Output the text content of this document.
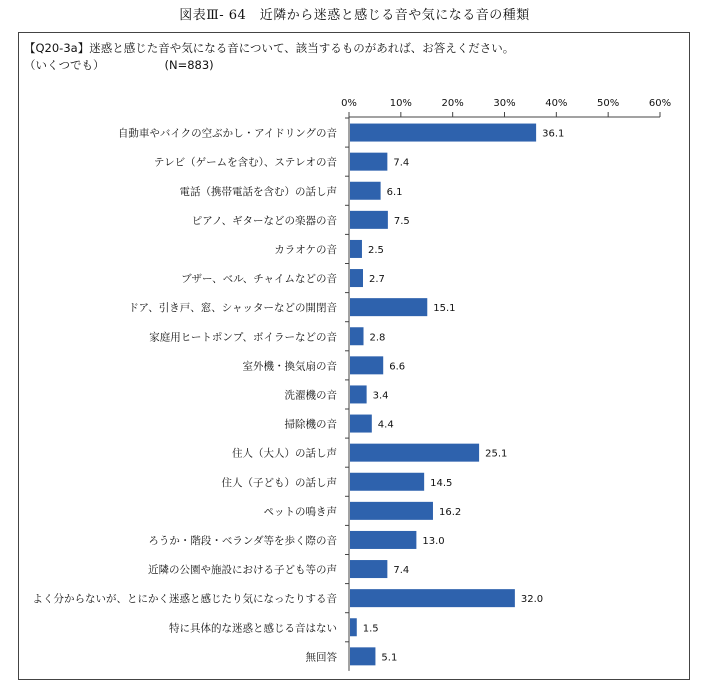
図表Ⅲ- 64　近隣から迷惑と感じる音や気になる音の種類
【Q20-3a】迷惑と感じた音や気になる音について、該当するものがあれば、お答えください。
（いくつでも）	(N=883)
0%	10%	20%	30%	40%	50%	60%
自動車やバイクの空ぶかし・アイドリングの音	36.1
テレビ（ゲームを含む）、ステレオの音	7.4
電話（携帯電話を含む）の話し声	6.1
ピアノ、ギターなどの楽器の音	7.5
カラオケの音	2.5
ブザー、ベル、チャイムなどの音	2.7
ドア、引き戸、窓、シャッターなどの開閉音	15.1
家庭用ヒートポンプ、ボイラーなどの音	2.8
室外機・換気扇の音	6.6
洗濯機の音	3.4
掃除機の音	4.4
住人（大人）の話し声	25.1
住人（子ども）の話し声	14.5
ペットの鳴き声	16.2
ろうか・階段・ベランダ等を歩く際の音	13.0
近隣の公園や施設における子ども等の声	7.4
よく分からないが、とにかく迷惑と感じたり気になったりする音	32.0
特に具体的な迷惑と感じる音はない	1.5
無回答	5.1
